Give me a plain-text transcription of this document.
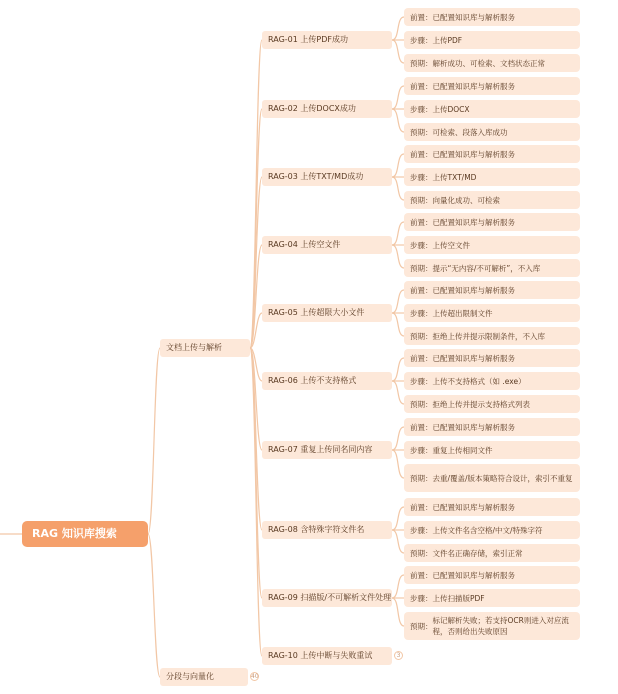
RAG 知识库搜索
文档上传与解析
分段与向量化	40
前置： 已配置知识库与解析服务
步骤： 上传PDF
预期： 解析成功、可检索、文档状态正常
RAG-01 上传PDF成功
前置： 已配置知识库与解析服务
步骤： 上传DOCX
预期： 可检索、段落入库成功
RAG-02 上传DOCX成功
前置： 已配置知识库与解析服务
步骤： 上传TXT/MD
预期： 向量化成功、可检索
RAG-03 上传TXT/MD成功
前置： 已配置知识库与解析服务
步骤： 上传空文件
预期： 提示“无内容/不可解析”，不入库
RAG-04 上传空文件
前置： 已配置知识库与解析服务
步骤： 上传超出限制文件
预期： 拒绝上传并提示限制条件，不入库
RAG-05 上传超限大小文件
前置： 已配置知识库与解析服务
步骤： 上传不支持格式（如 .exe）
预期： 拒绝上传并提示支持格式列表
RAG-06 上传不支持格式
前置： 已配置知识库与解析服务
步骤： 重复上传相同文件
预期： 去重/覆盖/版本策略符合设计，索引不重复
RAG-07 重复上传同名同内容
前置： 已配置知识库与解析服务
步骤： 上传文件名含空格/中文/特殊字符
预期： 文件名正确存储，索引正常
RAG-08 含特殊字符文件名
前置： 已配置知识库与解析服务
步骤： 上传扫描版PDF
预期：
标记解析失败；若支持OCR则进入对应流程，否则给出失败原因
RAG-09 扫描版/不可解析文件处理
RAG-10 上传中断与失败重试	3
